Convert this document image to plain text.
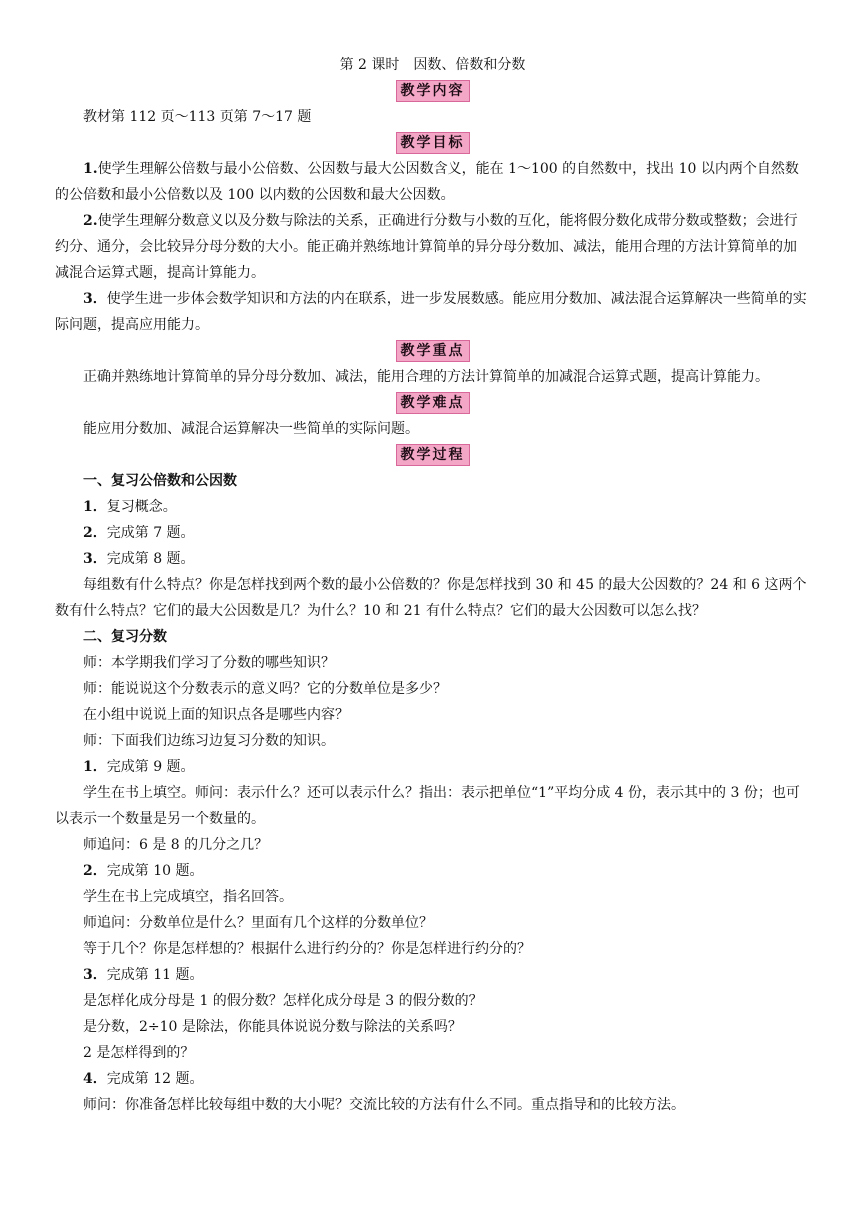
第 2 课时　因数、倍数和分数
教学内容

教材第 112 页～113 页第 7～17 题

教学目标

1.使学生理解公倍数与最小公倍数、公因数与最大公因数含义，能在 1～100 的自然数中，找出 10 以内两个自然数的公倍数和最小公倍数以及 100 以内数的公因数和最大公因数。

2.使学生理解分数意义以及分数与除法的关系，正确进行分数与小数的互化，能将假分数化成带分数或整数；会进行约分、通分，会比较异分母分数的大小。能正确并熟练地计算简单的异分母分数加、减法，能用合理的方法计算简单的加减混合运算式题，提高计算能力。

3．使学生进一步体会数学知识和方法的内在联系，进一步发展数感。能应用分数加、减法混合运算解决一些简单的实际问题，提高应用能力。

教学重点

正确并熟练地计算简单的异分母分数加、减法，能用合理的方法计算简单的加减混合运算式题，提高计算能力。

教学难点

能应用分数加、减混合运算解决一些简单的实际问题。

教学过程

一、复习公倍数和公因数

1．复习概念。

2．完成第 7 题。

3．完成第 8 题。

每组数有什么特点？你是怎样找到两个数的最小公倍数的？你是怎样找到 30 和 45 的最大公因数的？24 和 6 这两个数有什么特点？它们的最大公因数是几？为什么？10 和 21 有什么特点？它们的最大公因数可以怎么找？

二、复习分数

师：本学期我们学习了分数的哪些知识？

师：能说说这个分数表示的意义吗？它的分数单位是多少？

在小组中说说上面的知识点各是哪些内容？

师：下面我们边练习边复习分数的知识。

1．完成第 9 题。

学生在书上填空。师问：表示什么？还可以表示什么？指出：表示把单位“1”平均分成 4 份，表示其中的 3 份；也可以表示一个数量是另一个数量的。

师追问：6 是 8 的几分之几？

2．完成第 10 题。

学生在书上完成填空，指名回答。

师追问：分数单位是什么？里面有几个这样的分数单位？

等于几个？你是怎样想的？根据什么进行约分的？你是怎样进行约分的？

3．完成第 11 题。

是怎样化成分母是 1 的假分数？怎样化成分母是 3 的假分数的？

是分数，2÷10 是除法，你能具体说说分数与除法的关系吗？

2 是怎样得到的？

4．完成第 12 题。

师问：你准备怎样比较每组中数的大小呢？交流比较的方法有什么不同。重点指导和的比较方法。
